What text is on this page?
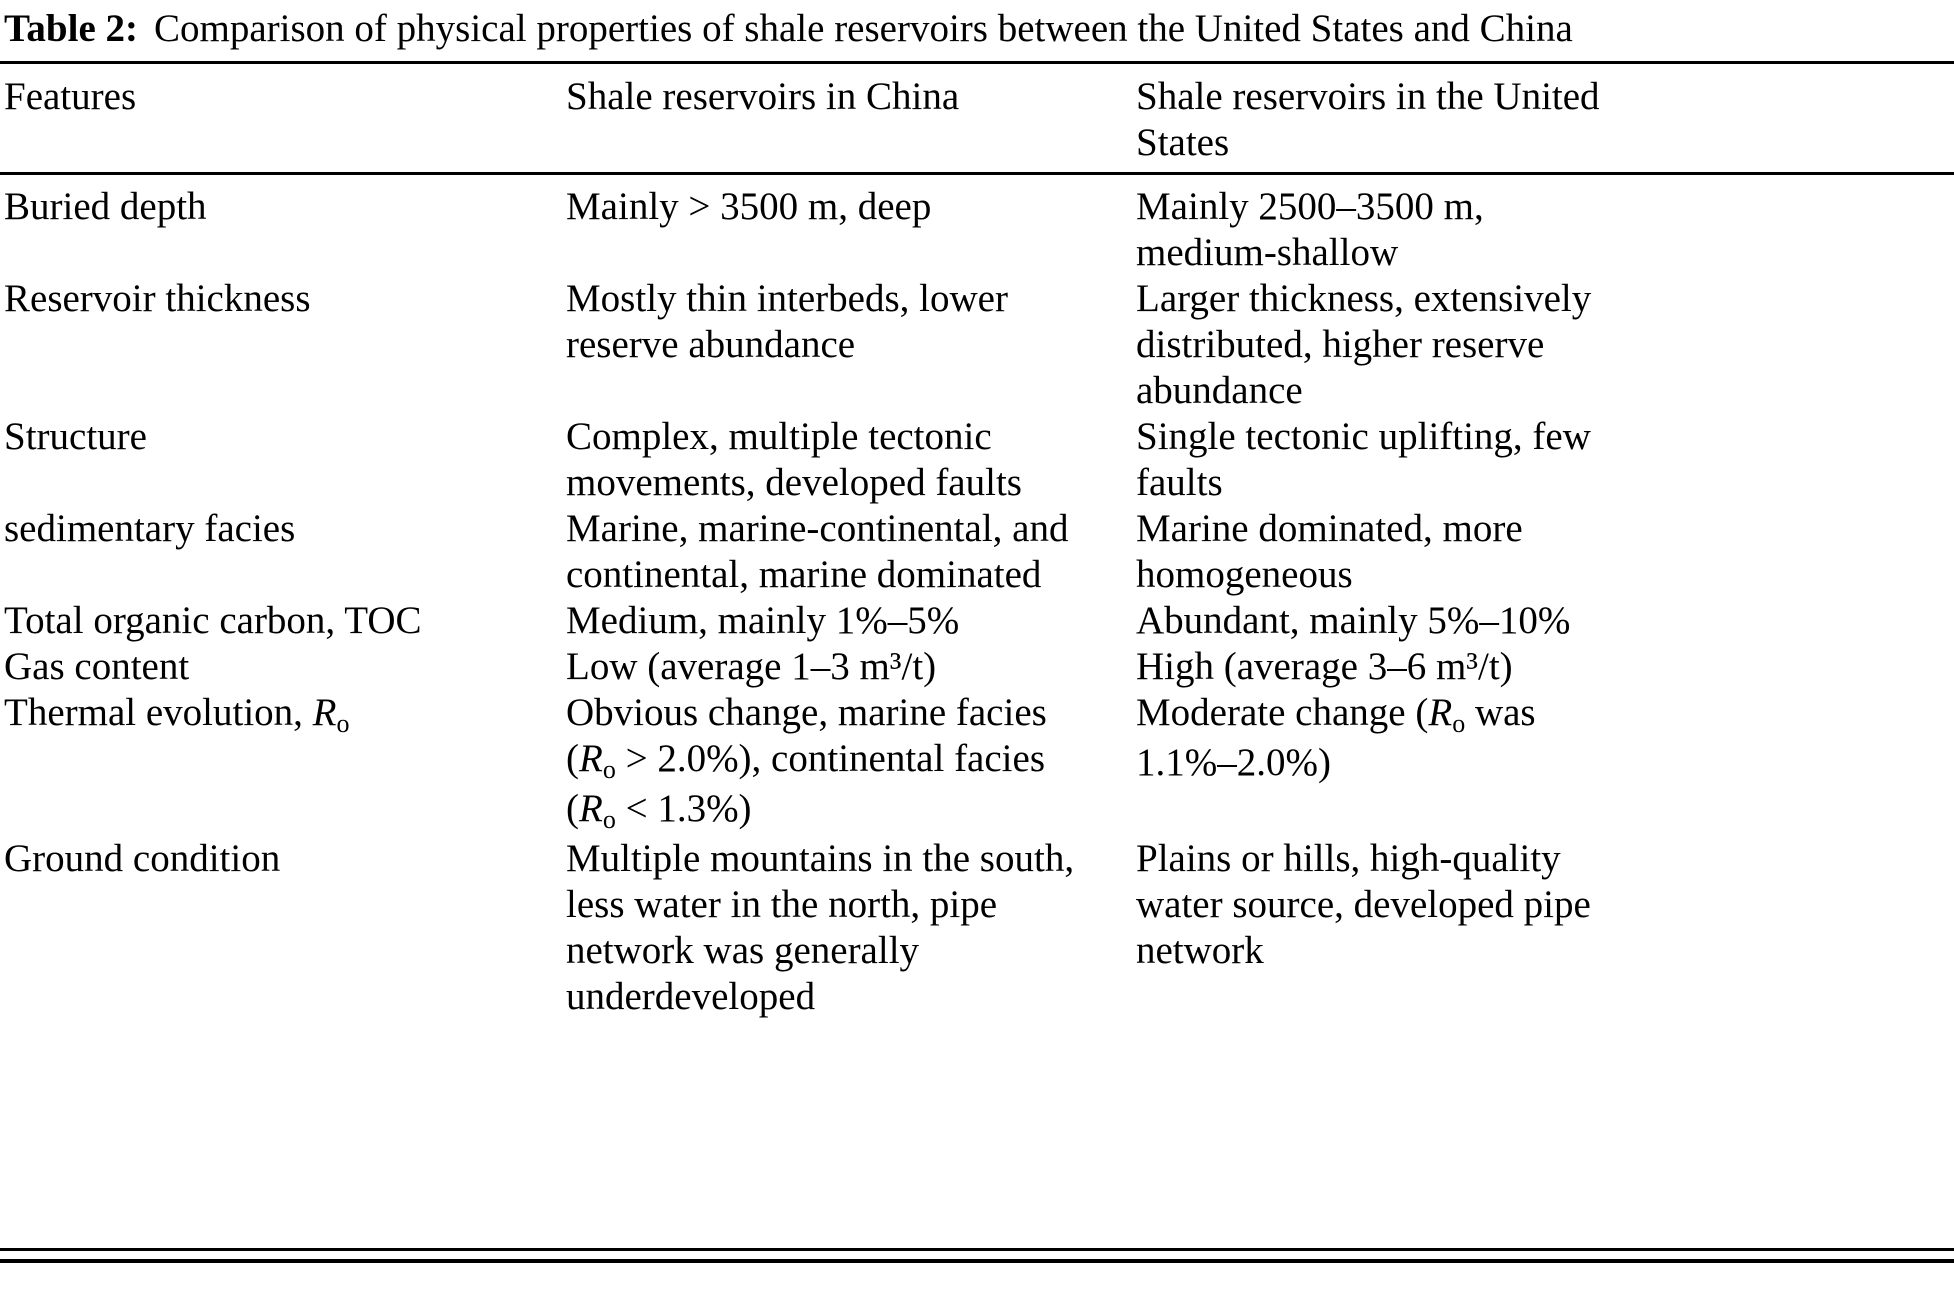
Table 2: Comparison of physical properties of shale reservoirs between the United States and China
Features	Shale reservoirs in China	Shale reservoirs in the United States
Buried depth	Mainly > 3500 m, deep	Mainly 2500–3500 m, medium-shallow
Reservoir thickness	Mostly thin interbeds, lower reserve abundance	Larger thickness, extensively distributed, higher reserve abundance
Structure	Complex, multiple tectonic movements, developed faults	Single tectonic uplifting, few faults
sedimentary facies	Marine, marine-continental, and continental, marine dominated	Marine dominated, more homogeneous
Total organic carbon, TOC	Medium, mainly 1%–5%	Abundant, mainly 5%–10%
Gas content	Low (average 1–3 m³/t)	High (average 3–6 m³/t)
Thermal evolution, $R_o$	Obvious change, marine facies $(R_o > 2.0\%)$, continental facies $(R_o < 1.3\%)$	Moderate change ($R_o$ was 1.1%–2.0%)
Ground condition	Multiple mountains in the south, less water in the north, pipe network was generally underdeveloped	Plains or hills, high-quality water source, developed pipe network
